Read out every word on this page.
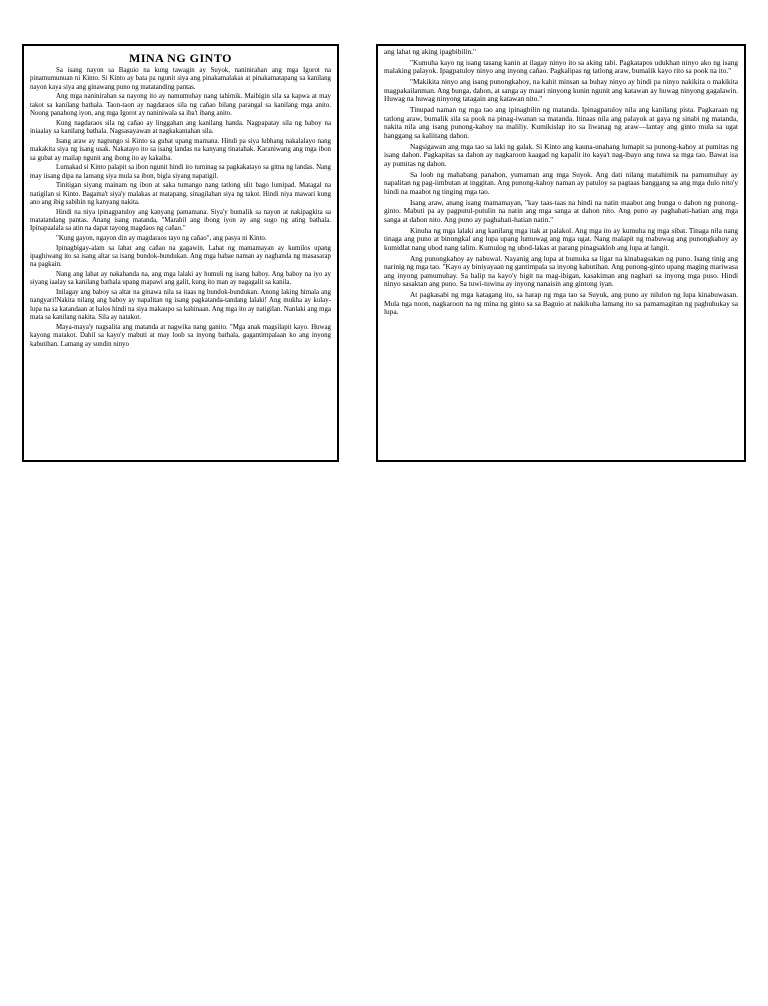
MINA NG GINTO

Sa isang nayon sa Baguio na kung tawagin ay Suyok, naninirahan ang mga Igorot na pinamumunuan ni Kinto. Si Kinto ay bata pa ngunit siya ang pinakamalakas at pinakamatapang sa kanilang nayon kaya siya ang ginawang puno ng matatanding pantas.

Ang mga naninirahan sa nayong ito ay namumuhay nang tahimik. Maibigin sila sa kapwa at may takot sa kanilang bathala. Taon-taon ay nagdaraos sila ng cañao bilang parangal sa kanilang mga anito. Noong panahong iyon, ang mga Igorot ay naniniwala sa iba't ibang anito.

Kung nagdaraos sila ng cañao ay linggahan ang kanilang handa. Nagpapatay sila ng baboy na iniaalay sa kanilang bathala. Nagsasayawan at nagkakantahan sila.

Isang araw ay nagtungo si Kinto sa gubat upang mamana. Hindi pa siya lubhang nakalalayo nang makakita siya ng isang usak. Nakatayo ito sa isang landas na kanyang tinatahak. Karaniwang ang mga ibon sa gubat ay mailap ngunit ang ibong ito ay kakaiba.

Lumakad si Kinto palapit sa ibon ngunit hindi ito tuminag sa pagkakatayo sa gitna ng landas. Nang may iisang dipa na lamang siya mula sa ibon, bigla siyang napatigil.

Tinitigan siyang mainam ng ibon at saka tumango nang tatlong ulit bago lumipad. Matagal na natigilan si Kinto. Bagama't siya'y malakas at matapang, sinagilahan siya ng takot. Hindi niya mawari kung ano ang ibig sabihin ng kanyang nakita.

Hindi na niya ipinagpatuloy ang kanyang pamamana. Siya'y bumalik sa nayon at nakipagkita sa matatandang pantas. Anang isang matanda, "Marahil ang ibong iyon ay ang sugo ng ating bathala. Ipinapaalala sa atin na dapat tayong magdaos ng cañao."

"Kung gayon, ngayon din ay magdaraos tayo ng cañao", ang pasya ni Kinto.

Ipinagbigay-alam sa lahat ang cañao na gagawin. Lahat ng mamamayan ay kumilos upang ipaghiwang ito sa isang altar sa isang bundok-bundukan. Ang mga babae naman ay naghanda ng masasarap na pagkain.

Nang ang lahat ay nakahanda na, ang mga lalaki ay humuli ng isang baboy. Ang baboy na iyo ay siyang iaalay sa kanilang bathala upang mapawi ang galit, kung ito man ay nagagalit sa kanila.

Inilagay ang baboy sa altar na ginawa nila sa itaas ng bundok-bundukan. Anong laking himala ang nangyari!Nakita nilang ang baboy ay napalitan ng isang pagkatanda-tandang lalaki! Ang mukha ay kulay-lupa na sa katandaan at halos hindi na siya makaupo sa kahinaan. Ang mga ito ay natigilan. Nanlaki ang mga mata sa kanilang nakita. Sila ay natakot.

Maya-maya'y nagsalita ang matanda at nagwika nang ganito. "Mga anak magsilapit kayo. Huwag kayong matakot. Dahil sa kayo'y mabuti at may loob sa inyong bathala, gagantimpalaan ko ang inyong kabutihan. Lamang ay sundin ninyo

ang lahat ng aking ipagbibilin."

"Kumuha kayo ng isang tasang kanin at ilagay ninyo ito sa aking tabi. Pagkatapos udukhan ninyo ako ng isang malaking palayok. Ipagpatuloy ninyo ang inyong cañao. Pagkalipas ng tatlong araw, bumalik kayo rito sa pook na ito."

"Makikita ninyo ang isang punongkahoy, na kahit minsan sa buhay ninyo ay hindi pa ninyo nakikita o makikita magpakailanman. Ang bunga, dahon, at sanga ay maari ninyong kunin ngunit ang katawan ay huwag ninyong gagalawin. Huwag na huwag ninyong tatagain ang katawan nito."

Tinupad naman ng mga tao ang ipinagbilin ng matanda. Ipinagpatuloy nila ang kanilang pista. Pagkaraan ng tatlong araw, bumalik sila sa pook na pinag-iwanan sa matanda. Itinaas nila ang palayok at gaya ng sinabi ng matanda, nakita nila ang isang punong-kahoy na maliliy. Kumikislap ito sa liwanag ng araw—lantay ang ginto mula sa ugat hanggang sa kaliitang dahon.

Nagsigawan ang mga tao sa laki ng galak. Si Kinto ang kauna-unahang lumapit sa punong-kahoy at pumitas ng isang dahon. Pagkapitas sa dahon ay nagkaroon kaagad ng kapalit ito kaya't nag-ibayo ang tuwa sa mga tao. Bawat isa ay pumitas ng dahon.

Sa loob ng mahabang panahon, yumaman ang mga Suyok. Ang dati nilang matahimik na pamumuhay ay napalitan ng pag-iimbutan at inggitan. Ang punong-kahoy naman ay patuloy sa pagtaas hanggang sa ang mga dulo nito'y hindi na maabot ng tinging mga tao.

Isang araw, anang isang mamamayan, "kay taas-taas na hindi na natin maabot ang bunga o dahon ng punong-ginto. Mabuti pa ay pagputul-putulin na natin ang mga sanga at dahon nito. Ang puno ay paghahati-hatian ang mga sanga at dahon nito. Ang puno ay paghahati-hatian natin."

Kinuha ng mga lalaki ang kanilang mga itak at palakol. Ang mga ito ay kumuha ng mga sibat. Tinaga nila nang tinaga ang puno at binungkal ang lupa upang lumuwag ang mga ugat. Nang malapit ng mabuwag ang punongkahoy ay kumidlat nang ubod nang talim. Kumulog ng ubod-lakas at parang pinagsaklob ang lupa at langit.

Ang punongkahoy ay nabuwal. Nayanig ang lupa at bumuka sa ligar na kinabagsakan ng puno. Isang tinig ang narinig ng mga tao. "Kayo ay biniyayaan ng gantimpala sa inyong kabutihan. Ang punong-ginto upang maging mariwasa ang inyong pamumuhay. Sa halip na kayo'y higit na mag-ibigan, kasakiman ang naghari sa inyong mga puso. Hindi ninyo sasaktan ang puno. Sa tuwi-tuwina ay inyong nanaisin ang gintong iyan.

At pagkasabi ng mga katagang ito, sa harap ng mga tao sa Suyuk, ang puno ay nilulon ng lupa kinabuwasan. Mula nga noon, nagkaroon na ng mina ng ginto sa sa Baguio at nakikuha lamang ito sa pamamagitan ng paghuhukay sa lupa.
